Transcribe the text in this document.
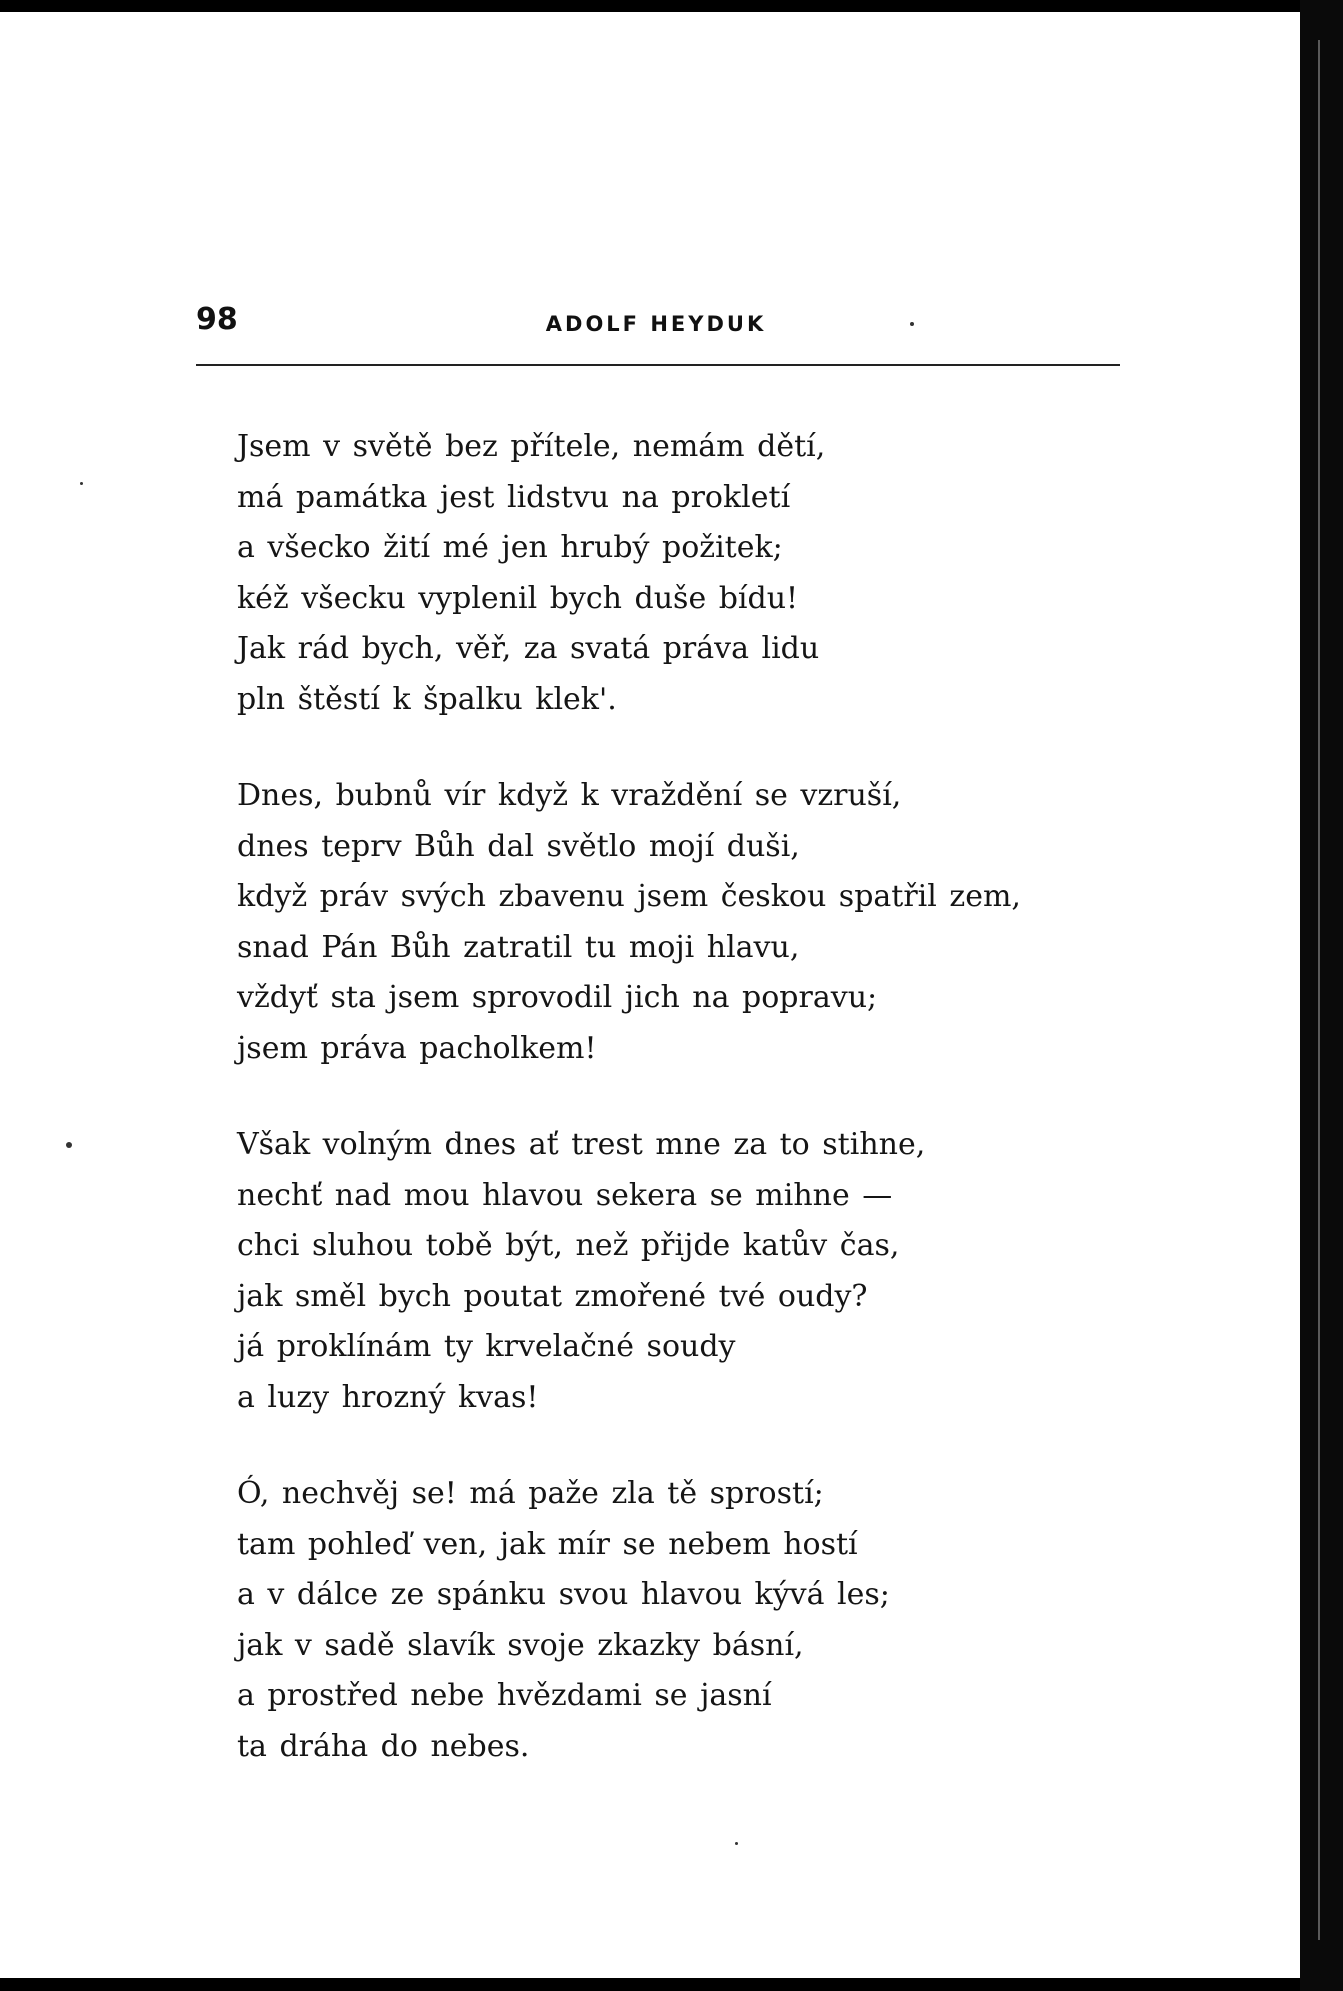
98	ADOLF HEYDUK
Jsem v světě bez přítele, nemám dětí,
má památka jest lidstvu na prokletí
a všecko žití mé jen hrubý požitek;
kéž všecku vyplenil bych duše bídu!
Jak rád bych, věř, za svatá práva lidu
pln štěstí k špalku klek'.
Dnes, bubnů vír když k vraždění se vzruší,
dnes teprv Bůh dal světlo mojí duši,
když práv svých zbavenu jsem českou spatřil zem,
snad Pán Bůh zatratil tu moji hlavu,
vždyť sta jsem sprovodil jich na popravu;
jsem práva pacholkem!
Však volným dnes ať trest mne za to stihne,
nechť nad mou hlavou sekera se mihne —
chci sluhou tobě být, než přijde katův čas,
jak směl bych poutat zmořené tvé oudy?
já proklínám ty krvelačné soudy
a luzy hrozný kvas!
Ó, nechvěj se! má paže zla tě sprostí;
tam pohleď ven, jak mír se nebem hostí
a v dálce ze spánku svou hlavou kývá les;
jak v sadě slavík svoje zkazky básní,
a prostřed nebe hvězdami se jasní
ta dráha do nebes.
